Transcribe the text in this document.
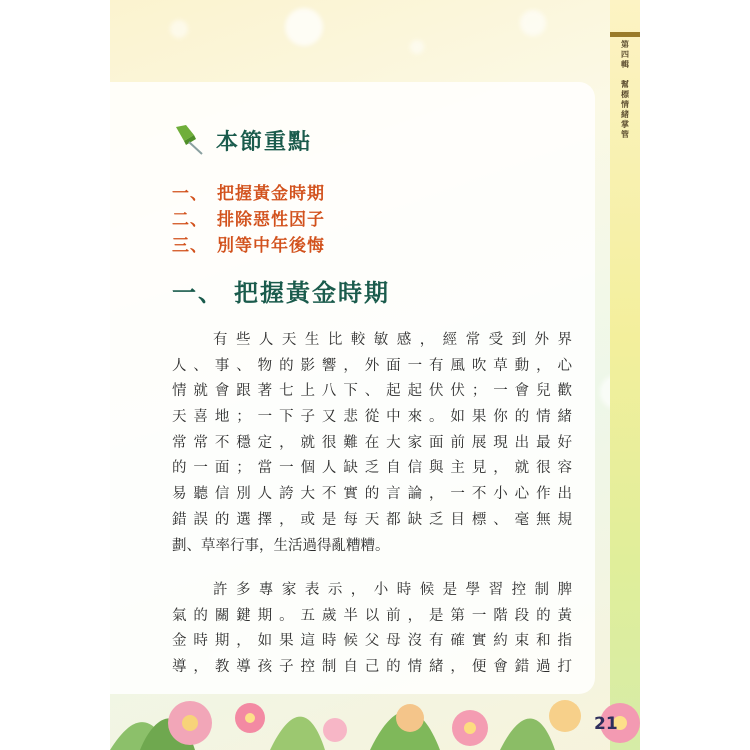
第
四
輯
幫
標
情
緒
掌
管
本節重點
一、 把握黃金時期
二、 排除惡性因子
三、 別等中年後悔
一、 把握黃金時期
有些人天生比較敏感，經常受到外界
人、事、物的影響，外面一有風吹草動，心
情就會跟著七上八下、起起伏伏；一會兒歡
天喜地；一下子又悲從中來。如果你的情緒
常常不穩定，就很難在大家面前展現出最好
的一面；當一個人缺乏自信與主見，就很容
易聽信別人誇大不實的言論，一不小心作出
錯誤的選擇，或是每天都缺乏目標、毫無規
劃、草率行事，生活過得亂糟糟。
許多專家表示，小時候是學習控制脾
氣的關鍵期。五歲半以前，是第一階段的黃
金時期，如果這時候父母沒有確實約束和指
導，教導孩子控制自己的情緒，便會錯過打
21
